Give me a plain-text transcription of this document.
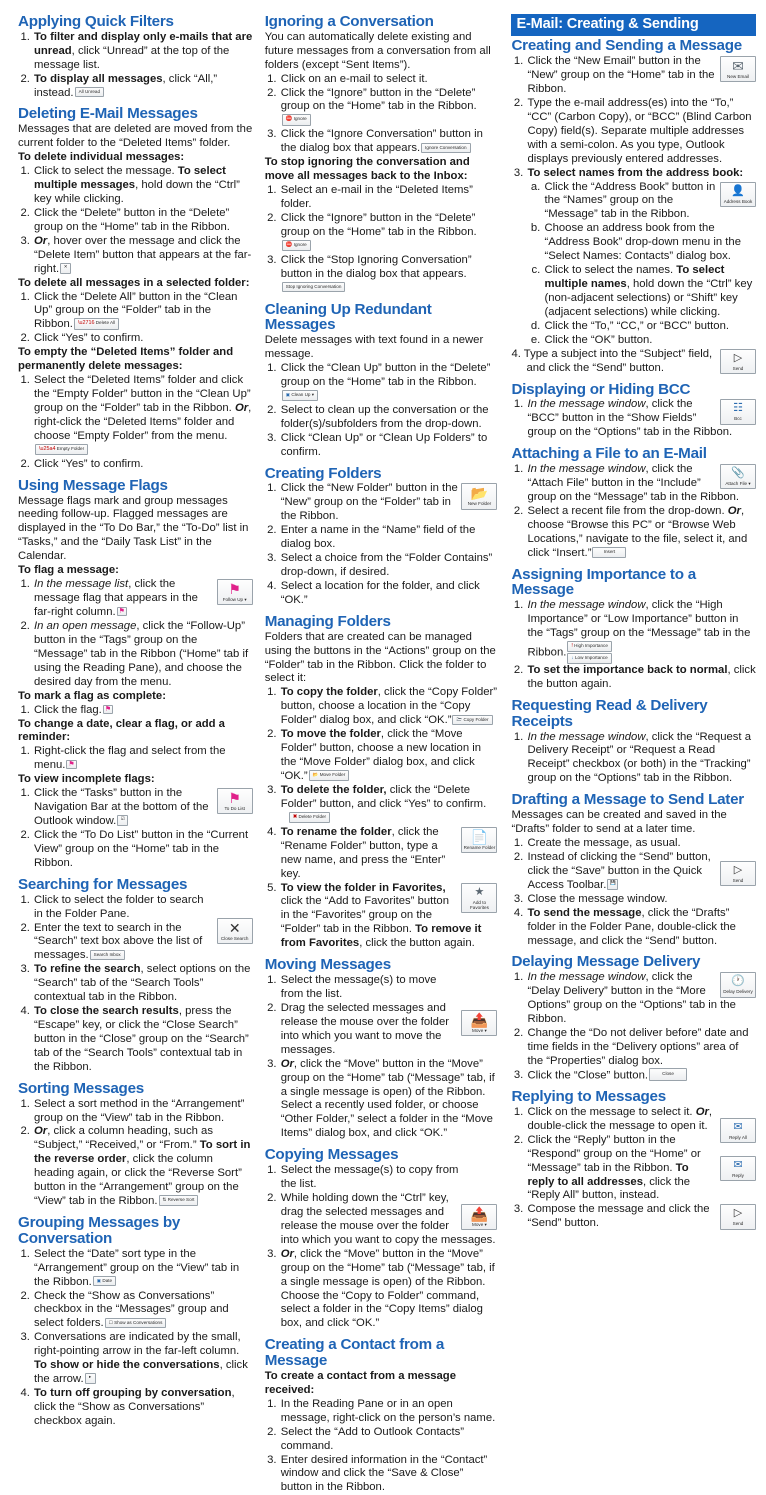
Applying Quick Filters
1. To filter and display only e-mails that are unread, click “Unread” at the top of the message list.
2. To display all messages, click “All,” instead. All Unread
Deleting E-Mail Messages

Messages that are deleted are moved from the current folder to the “Deleted Items” folder.

To delete individual messages:

1. Click to select the message. To select multiple messages, hold down the “Ctrl” key while clicking.
2. Click the “Delete” button in the “Delete” group on the “Home” tab in the Ribbon.
3. Or, hover over the message and click the “Delete Item” button that appears at the far-right. ✕

To delete all messages in a selected folder:

1. Click the “Delete All” button in the “Clean Up” group on the “Folder” tab in the Ribbon. \u2716 Delete All
2. Click “Yes” to confirm.

To empty the “Deleted Items” folder and permanently delete messages:

1. Select the “Deleted Items” folder and click the “Empty Folder” button in the “Clean Up” group on the “Folder” tab in the Ribbon. Or, right-click the “Deleted Items” folder and choose “Empty Folder” from the menu.\u25a4 Empty Folder
2. Click “Yes” to confirm.
Using Message Flags

Message flags mark and group messages needing follow-up. Flagged messages are displayed in the “To Do Bar,” the “To-Do” list in “Tasks,” and the “Daily Task List” in the Calendar.

To flag a message:

⚑
Follow Up ▾
1. In the message list, click the message flag that appears in the far-right column. ⚑
2. In an open message, click the “Follow-Up” button in the “Tags” group on the “Message” tab in the Ribbon (“Home” tab if using the Reading Pane), and choose the desired day from the menu.

To mark a flag as complete:

1. Click the flag. ⚑

To change a date, clear a flag, or add a reminder:

1. Right-click the flag and select from the menu. ⚑

To view incomplete flags:

⚑
To Do List
1. Click the “Tasks” button in the Navigation Bar at the bottom of the Outlook window. ☑
2. Click the “To Do List” button in the “Current View” group on the “Home” tab in the Ribbon.
Searching for Messages
✕
Close Search
1. Click to select the folder to search in the Folder Pane.
2. Enter the text to search in the “Search” text box above the list of messages. Search Inbox
3. To refine the search, select options on the “Search” tab of the “Search Tools” contextual tab in the Ribbon.
4. To close the search results, press the “Escape” key, or click the “Close Search” button in the “Close” group on the “Search” tab of the “Search Tools” contextual tab in the Ribbon.
Sorting Messages
1. Select a sort method in the “Arrangement” group on the “View” tab in the Ribbon.
2. Or, click a column heading, such as “Subject,” “Received,” or “From.” To sort in the reverse order, click the column heading again, or click the “Reverse Sort” button in the “Arrangement” group on the “View” tab in the Ribbon. ⇅ Reverse Sort
Grouping Messages by Conversation
1. Select the “Date” sort type in the “Arrangement” group on the “View” tab in the Ribbon. ▣ Date
2. Check the “Show as Conversations” checkbox in the “Messages” group and select folders. ☐ Show as Conversations
3. Conversations are indicated by the small, right-pointing arrow in the far-left column. To show or hide the conversations, click the arrow. ▸
4. To turn off grouping by conversation, click the “Show as Conversations” checkbox again.
Ignoring a Conversation

You can automatically delete existing and future messages from a conversation from all folders (except “Sent Items”).

1. Click on an e-mail to select it.
2. Click the “Ignore” button in the “Delete” group on the “Home” tab in the Ribbon.⛔ Ignore
3. Click the “Ignore Conversation” button in the dialog box that appears. Ignore Conversation

To stop ignoring the conversation and move all messages back to the Inbox:

1. Select an e-mail in the “Deleted Items” folder.
2. Click the “Ignore” button in the “Delete” group on the “Home” tab in the Ribbon.⛔ Ignore
3. Click the “Stop Ignoring Conversation” button in the dialog box that appears.Stop Ignoring Conversation
Cleaning Up Redundant Messages

Delete messages with text found in a newer message.

1. Click the “Clean Up” button in the “Delete” group on the “Home” tab in the Ribbon.▣ Clean Up ▾
2. Select to clean up the conversation or the folder(s)/subfolders from the drop-down.
3. Click “Clean Up” or “Clean Up Folders” to confirm.
Creating Folders
📂
New Folder
1. Click the “New Folder” button in the “New” group on the “Folder” tab in the Ribbon.
2. Enter a name in the “Name” field of the dialog box.
3. Select a choice from the “Folder Contains” drop-down, if desired.
4. Select a location for the folder, and click “OK.”
Managing Folders

Folders that are created can be managed using the buttons in the “Actions” group on the “Folder” tab in the Ribbon. Click the folder to select it:

1. To copy the folder, click the “Copy Folder” button, choose a location in the “Copy Folder” dialog box, and click “OK.” 🗁 Copy Folder
2. To move the folder, click the “Move Folder” button, choose a new location in the “Move Folder” dialog box, and click “OK.” 📂 Move Folder
3. To delete the folder, click the “Delete Folder” button, and click “Yes” to confirm.✖ Delete Folder
4. 📄
Rename Folder
To rename the folder, click the “Rename Folder” button, type a new name, and press the “Enter” key.
5. ★
Add to Favorites
To view the folder in Favorites, click the “Add to Favorites” button in the “Favorites” group on the “Folder” tab in the Ribbon. To remove it from Favorites, click the button again.
Moving Messages
📤
Move ▾
1. Select the message(s) to move from the list.
2. Drag the selected messages and release the mouse over the folder into which you want to move the messages.
3. Or, click the “Move” button in the “Move” group on the “Home” tab (“Message” tab, if a single message is open) of the Ribbon. Select a recently used folder, or choose “Other Folder,” select a folder in the “Move Items” dialog box, and click “OK.”
Copying Messages
📤
Move ▾
1. Select the message(s) to copy from the list.
2. While holding down the “Ctrl” key, drag the selected messages and release the mouse over the folder into which you want to copy the messages.
3. Or, click the “Move” button in the “Move” group on the “Home” tab (“Message” tab, if a single message is open) of the Ribbon. Choose the “Copy to Folder” command, select a folder in the “Copy Items” dialog box, and click “OK.”
Creating a Contact from a Message

To create a contact from a message received:

1. In the Reading Pane or in an open message, right-click on the person’s name.
2. Select the “Add to Outlook Contacts” command.
3. Enter desired information in the “Contact” window and click the “Save & Close” button in the Ribbon.
E-Mail: Creating & Sending
Creating and Sending a Message
✉
New Email
1. Click the “New Email” button in the “New” group on the “Home” tab in the Ribbon.
2. Type the e-mail address(es) into the “To,” “CC” (Carbon Copy), or “BCC” (Blind Carbon Copy) field(s). Separate multiple addresses with a semi-colon. As you type, Outlook displays previously entered addresses.
3. To select names from the address book:
👤
Address Book
a. Click the “Address Book” button in the “Names” group on the “Message” tab in the Ribbon.
b. Choose an address book from the “Address Book” drop-down menu in the “Select Names: Contacts” dialog box.
c. Click to select the names. To select multiple names, hold down the “Ctrl” key (non-adjacent selections) or “Shift” key (adjacent selections) while clicking.
d. Click the “To,” “CC,” or “BCC” button.
e. Click the “OK” button.
▷
Send
4. Type a subject into the “Subject” field, and click the “Send” button.
Displaying or Hiding BCC
☷
Bcc
1. In the message window, click the “BCC” button in the “Show Fields” group on the “Options” tab in the Ribbon.
Attaching a File to an E-Mail
📎
Attach File ▾
1. In the message window, click the “Attach File” button in the “Include” group on the “Message” tab in the Ribbon.
2. Select a recent file from the drop-down. Or, choose “Browse this PC” or “Browse Web Locations,” navigate to the file, select it, and click “Insert.”	Insert
Assigning Importance to a Message
1. In the message window, click the “High Importance” or “Low Importance” button in the “Tags” group on the “Message” tab in the Ribbon.
! High Importance
↓ Low Importance
2. To set the importance back to normal, click the button again.
Requesting Read & Delivery Receipts
1. In the message window, click the “Request a Delivery Receipt” or “Request a Read Receipt” checkbox (or both) in the “Tracking” group on the “Options” tab in the Ribbon.
Drafting a Message to Send Later

Messages can be created and saved in the “Drafts” folder to send at a later time.

▷
Send
1. Create the message, as usual.
2. Instead of clicking the “Send” button, click the “Save” button in the Quick Access Toolbar. 💾
3. Close the message window.
4. To send the message, click the “Drafts” folder in the Folder Pane, double-click the message, and click the “Send” button.
Delaying Message Delivery
🕐
Delay Delivery
1. In the message window, click the “Delay Delivery” button in the “More Options” group on the “Options” tab in the Ribbon.
2. Change the “Do not deliver before” date and time fields in the “Delivery options” area of the “Properties” dialog box.
3. Click the “Close” button.	Close
Replying to Messages
✉
Reply All
✉
Reply
1. Click on the message to select it. Or, double-click the message to open it.
2. Click the “Reply” button in the “Respond” group on the “Home” or “Message” tab in the Ribbon. To reply to all addresses, click the “Reply All” button, instead.
3. ▷
Send
Compose the message and click the “Send” button.
